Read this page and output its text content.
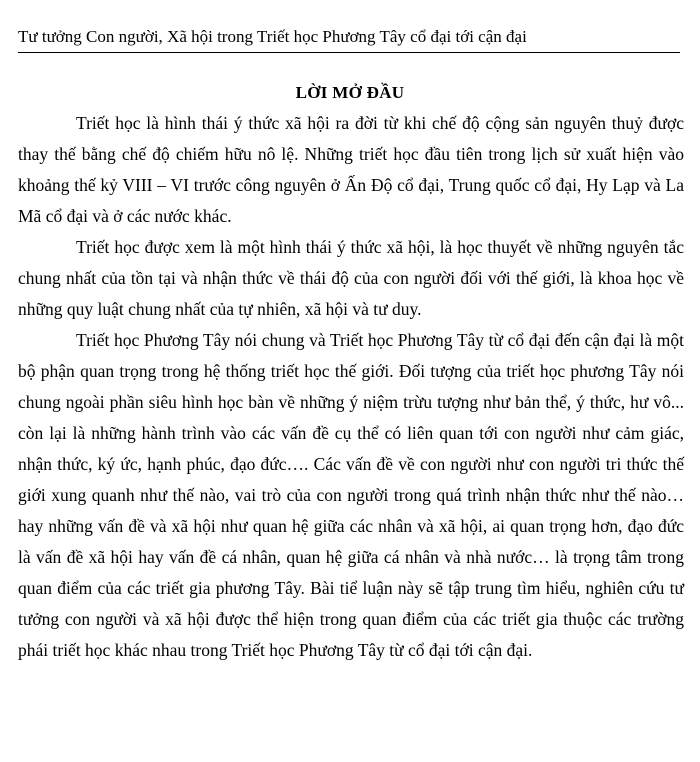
Tư tưởng Con người, Xã hội trong Triết học Phương Tây cổ đại tới cận đại
LỜI MỞ ĐẦU

Triết học là hình thái ý thức xã hội ra đời từ khi chế độ cộng sản nguyên thuỷ được thay thế bằng chế độ chiếm hữu nô lệ. Những triết học đầu tiên trong lịch sử xuất hiện vào khoảng thế kỷ VIII – VI trước công nguyên ở Ấn Độ cổ đại, Trung quốc cổ đại, Hy Lạp và La Mã cổ đại và ở các nước khác.

Triết học được xem là một hình thái ý thức xã hội, là học thuyết về những nguyên tắc chung nhất của tồn tại và nhận thức về thái độ của con người đối với thế giới, là khoa học về những quy luật chung nhất của tự nhiên, xã hội và tư duy.

Triết học Phương Tây nói chung và Triết học Phương Tây từ cổ đại đến cận đại là một bộ phận quan trọng trong hệ thống triết học thế giới. Đối tượng của triết học phương Tây nói chung ngoài phần siêu hình học bàn về những ý niệm trừu tượng như bản thể, ý thức, hư vô... còn lại là những hành trình vào các vấn đề cụ thể có liên quan tới con người như cảm giác, nhận thức, ký ức, hạnh phúc, đạo đức…. Các vấn đề về con người như con người tri thức thế giới xung quanh như thế nào, vai trò của con người trong quá trình nhận thức như thế nào… hay những vấn đề và xã hội như quan hệ giữa các nhân và xã hội, ai quan trọng hơn, đạo đức là vấn đề xã hội hay vấn đề cá nhân, quan hệ giữa cá nhân và nhà nước… là trọng tâm trong quan điểm của các triết gia phương Tây. Bài tiể luận này sẽ tập trung tìm hiểu, nghiên cứu tư tưởng con người và xã hội được thể hiện trong quan điểm của các triết gia thuộc các trường phái triết học khác nhau trong Triết học Phương Tây từ cổ đại tới cận đại.
